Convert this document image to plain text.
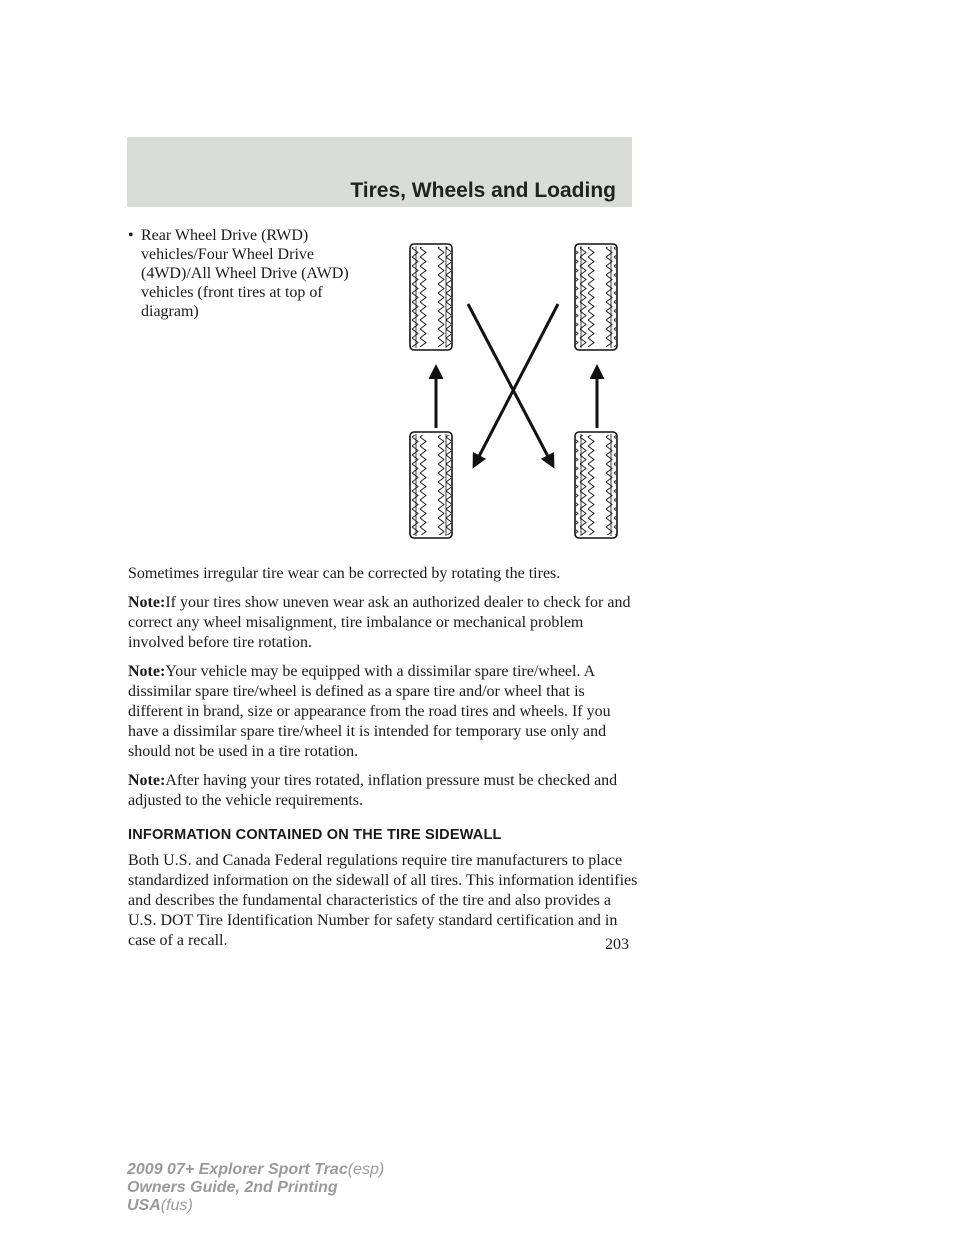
Tires, Wheels and Loading
• Rear Wheel Drive (RWD) vehicles/Four Wheel Drive (4WD)/All Wheel Drive (AWD) vehicles (front tires at top of diagram)

Sometimes irregular tire wear can be corrected by rotating the tires.

Note:If your tires show uneven wear ask an authorized dealer to check for and correct any wheel misalignment, tire imbalance or mechanical problem involved before tire rotation.

Note:Your vehicle may be equipped with a dissimilar spare tire/wheel. A dissimilar spare tire/wheel is defined as a spare tire and/or wheel that is different in brand, size or appearance from the road tires and wheels. If you have a dissimilar spare tire/wheel it is intended for temporary use only and should not be used in a tire rotation.

Note:After having your tires rotated, inflation pressure must be checked and adjusted to the vehicle requirements.

INFORMATION CONTAINED ON THE TIRE SIDEWALL

Both U.S. and Canada Federal regulations require tire manufacturers to place standardized information on the sidewall of all tires. This information identifies and describes the fundamental characteristics of the tire and also provides a U.S. DOT Tire Identification Number for safety standard certification and in case of a recall.	203
2009 07+ Explorer Sport Trac(esp)
Owners Guide, 2nd Printing
USA(fus)
